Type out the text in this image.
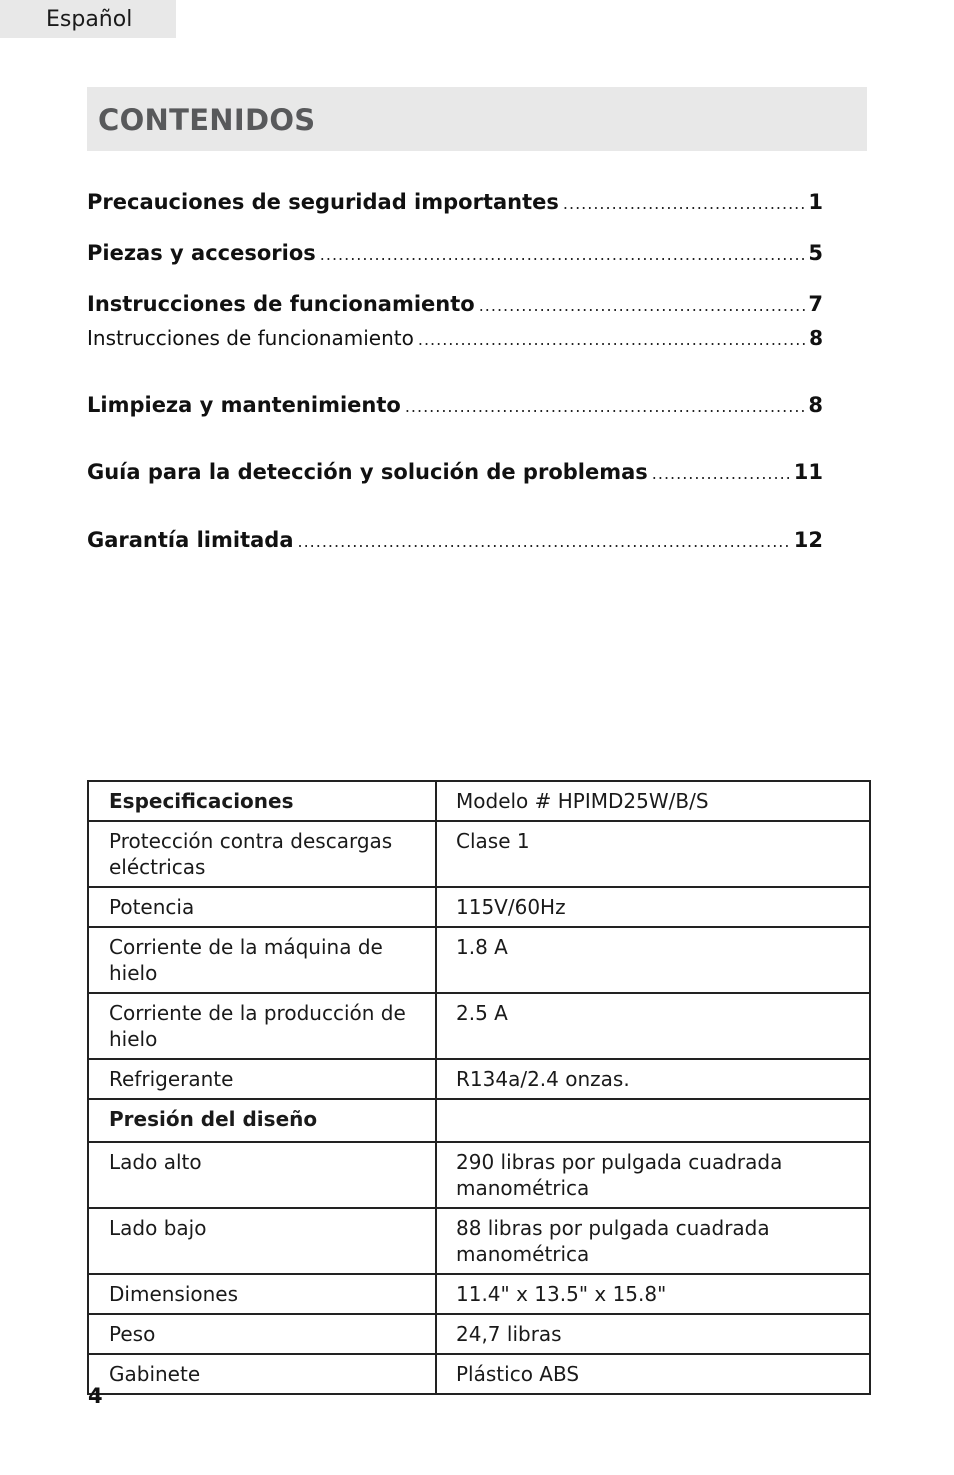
Español
CONTENIDOS
Precauciones de seguridad importantes .....	1
Piezas y accesorios .....	5
Instrucciones de funcionamiento .....	7
Instrucciones de funcionamiento .....	8
Limpieza y mantenimiento .....	8
Guía para la detección y solución de problemas .....	11
Garantía limitada .....	12
Especificaciones	Modelo # HPIMD25W/B/S
Protección contra descargas eléctricas	Clase 1
Potencia	115V/60Hz
Corriente de la máquina de hielo	1.8 A
Corriente de la producción de hielo	2.5 A
Refrigerante	R134a/2.4 onzas.
Presión del diseño	
Lado alto	290 libras por pulgada cuadrada manométrica
Lado bajo	88 libras por pulgada cuadrada manométrica
Dimensiones	11.4" x 13.5" x 15.8"
Peso	24,7 libras
Gabinete	Plástico ABS
4
